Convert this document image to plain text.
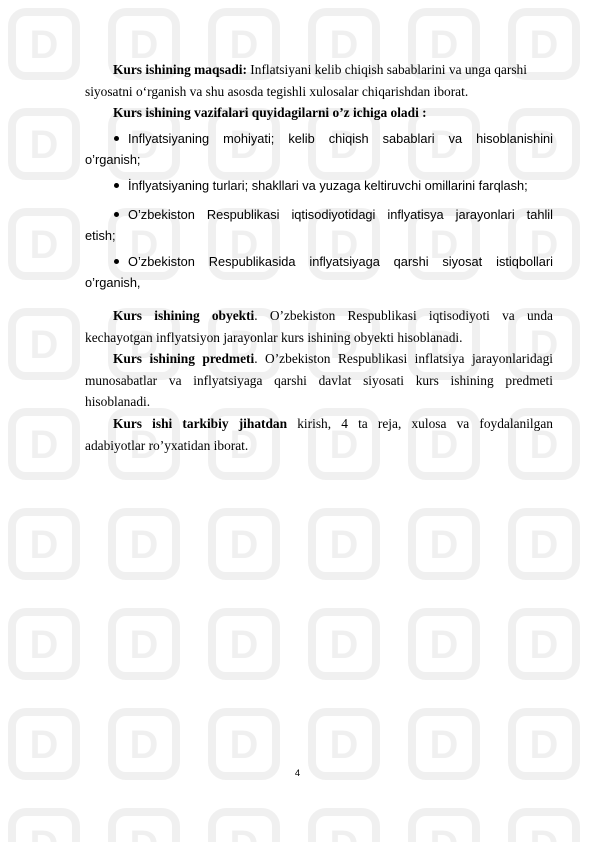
Kurs ishining maqsadi: Inflatsiyani kelib chiqish sabablarini va unga qarshi

siyosatni o‘rganish va shu asosda tegishli xulosalar chiqarishdan iborat.

Kurs ishining vazifalari quyidagilarni o’z ichiga oladi :

Inflyatsiyaning mohiyati; kelib chiqish sabablari va hisoblanishini

o’rganish;

İnflyatsiyaning turlari; shakllari va yuzaga keltiruvchi omillarini farqlash;

O’zbekiston Respublikasi iqtisodiyotidagi inflyatisya jarayonlari tahlil

etish;

O’zbekiston Respublikasida inflyatsiyaga qarshi siyosat istiqbollari

o’rganish,

Kurs ishining obyekti. O’zbekiston Respublikasi iqtisodiyoti va unda

kechayotgan inflyatsiyon jarayonlar kurs ishining obyekti hisoblanadi.

Kurs ishining predmeti. O’zbekiston Respublikasi inflatsiya jarayonlaridagi

munosabatlar va inflyatsiyaga qarshi davlat siyosati kurs ishining predmeti

hisoblanadi.

Kurs ishi tarkibiy jihatdan kirish, 4 ta reja, xulosa va foydalanilgan

adabiyotlar ro’yxatidan iborat.

4
